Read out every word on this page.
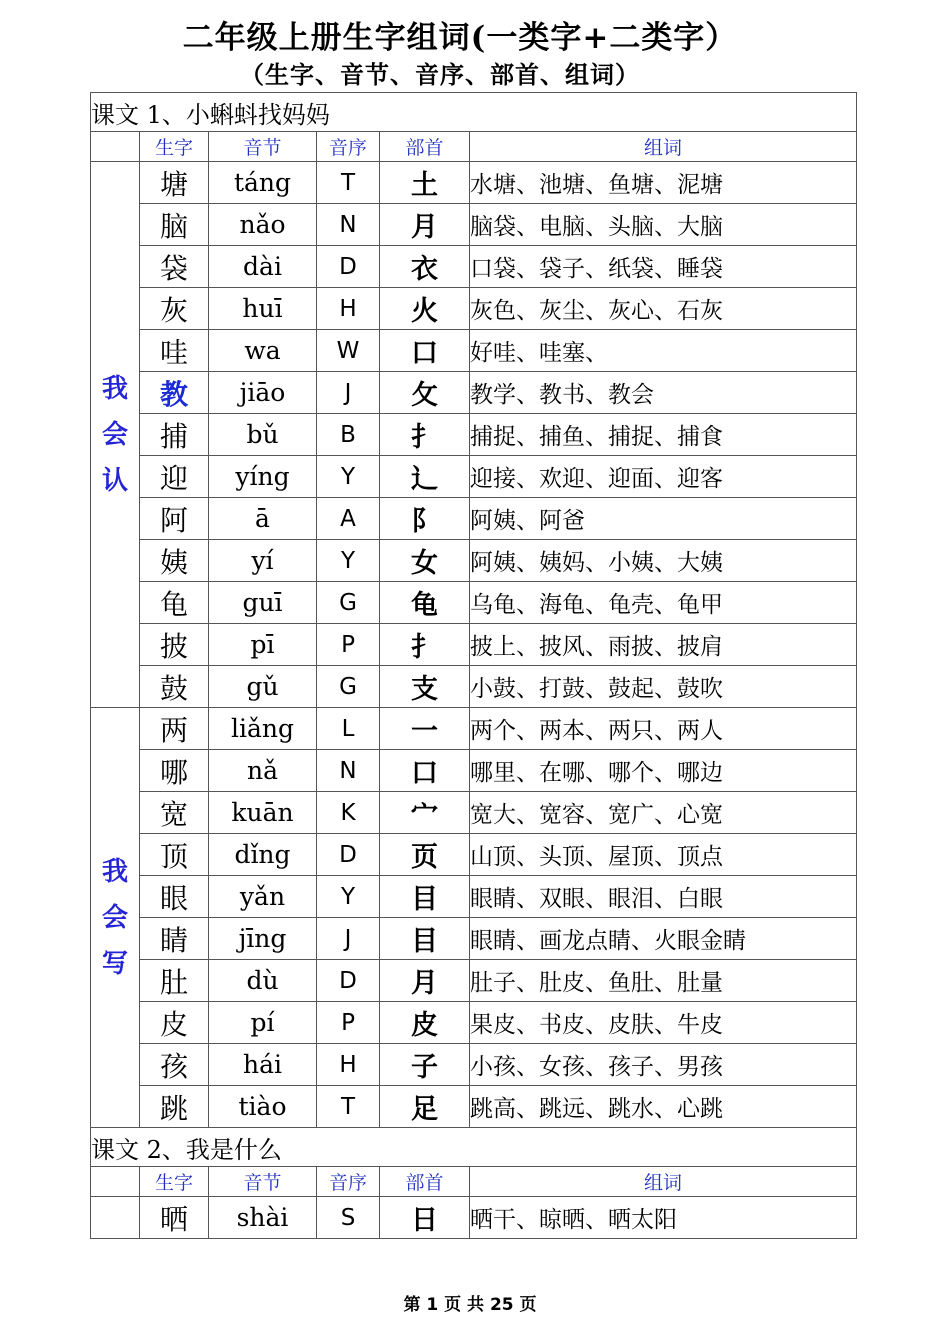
二年级上册生字组词(一类字+二类字）
（生字、音节、音序、部首、组词）
课文 1、小蝌蚪找妈妈					
	生字	音节	音序	部首	组词

我
会
认	塘	táng	T	土	水塘、池塘、鱼塘、泥塘
	脑	nǎo	N	月	脑袋、电脑、头脑、大脑
	袋	dài	D	衣	口袋、袋子、纸袋、睡袋
	灰	huī	H	火	灰色、灰尘、灰心、石灰
	哇	wa	W	口	好哇、哇塞、
	教	jiāo	J	攵	教学、教书、教会
	捕	bǔ	B	扌	捕捉、捕鱼、捕捉、捕食
	迎	yíng	Y	辶	迎接、欢迎、迎面、迎客
	阿	ā	A	阝	阿姨、阿爸
	姨	yí	Y	女	阿姨、姨妈、小姨、大姨
	龟	guī	G	龟	乌龟、海龟、龟壳、龟甲
	披	pī	P	扌	披上、披风、雨披、披肩
	鼓	gǔ	G	支	小鼓、打鼓、鼓起、鼓吹

我
会
写	两	liǎng	L	一	两个、两本、两只、两人
	哪	nǎ	N	口	哪里、在哪、哪个、哪边
	宽	kuān	K	宀	宽大、宽容、宽广、心宽
	顶	dǐng	D	页	山顶、头顶、屋顶、顶点
	眼	yǎn	Y	目	眼睛、双眼、眼泪、白眼
	睛	jīng	J	目	眼睛、画龙点睛、火眼金睛
	肚	dù	D	月	肚子、肚皮、鱼肚、肚量
	皮	pí	P	皮	果皮、书皮、皮肤、牛皮
	孩	hái	H	子	小孩、女孩、孩子、男孩
	跳	tiào	T	足	跳高、跳远、跳水、心跳
课文 2、我是什么					
	生字	音节	音序	部首	组词
	晒	shài	S	日	晒干、晾晒、晒太阳
第 1 页 共 25 页
